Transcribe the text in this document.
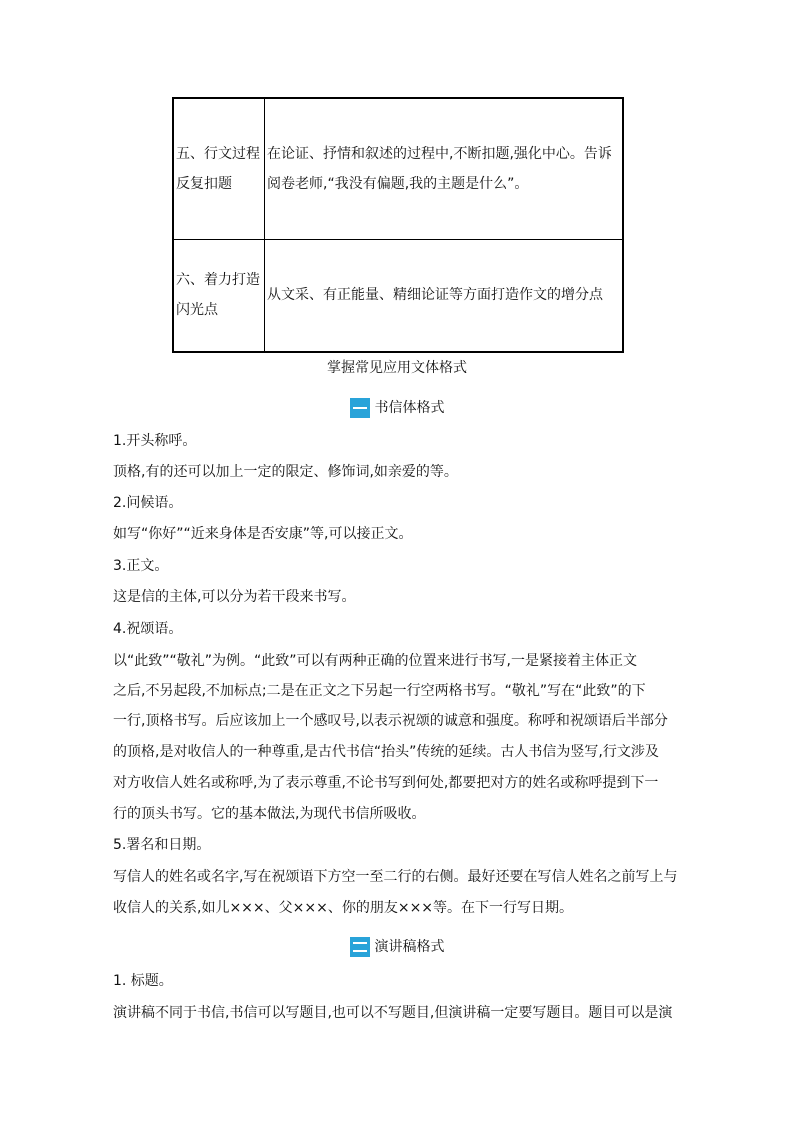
五、行文过程
反复扣题	在论证、抒情和叙述的过程中,不断扣题,强化中心。告诉
阅卷老师,“我没有偏题,我的主题是什么”。

六、着力打造
闪光点	从文采、有正能量、精细论证等方面打造作文的增分点
掌握常见应用文体格式
书信体格式
1.开头称呼。
顶格,有的还可以加上一定的限定、修饰词,如亲爱的等。
2.问候语。
如写“你好”“近来身体是否安康”等,可以接正文。
3.正文。
这是信的主体,可以分为若干段来书写。
4.祝颂语。
以“此致”“敬礼”为例。“此致”可以有两种正确的位置来进行书写,一是紧接着主体正文
之后,不另起段,不加标点;二是在正文之下另起一行空两格书写。“敬礼”写在“此致”的下
一行,顶格书写。后应该加上一个感叹号,以表示祝颂的诚意和强度。称呼和祝颂语后半部分
的顶格,是对收信人的一种尊重,是古代书信“抬头”传统的延续。古人书信为竖写,行文涉及
对方收信人姓名或称呼,为了表示尊重,不论书写到何处,都要把对方的姓名或称呼提到下一
行的顶头书写。它的基本做法,为现代书信所吸收。
5.署名和日期。
写信人的姓名或名字,写在祝颂语下方空一至二行的右侧。最好还要在写信人姓名之前写上与
收信人的关系,如儿×××、父×××、你的朋友×××等。在下一行写日期。
演讲稿格式
1. 标题。
演讲稿不同于书信,书信可以写题目,也可以不写题目,但演讲稿一定要写题目。题目可以是演
